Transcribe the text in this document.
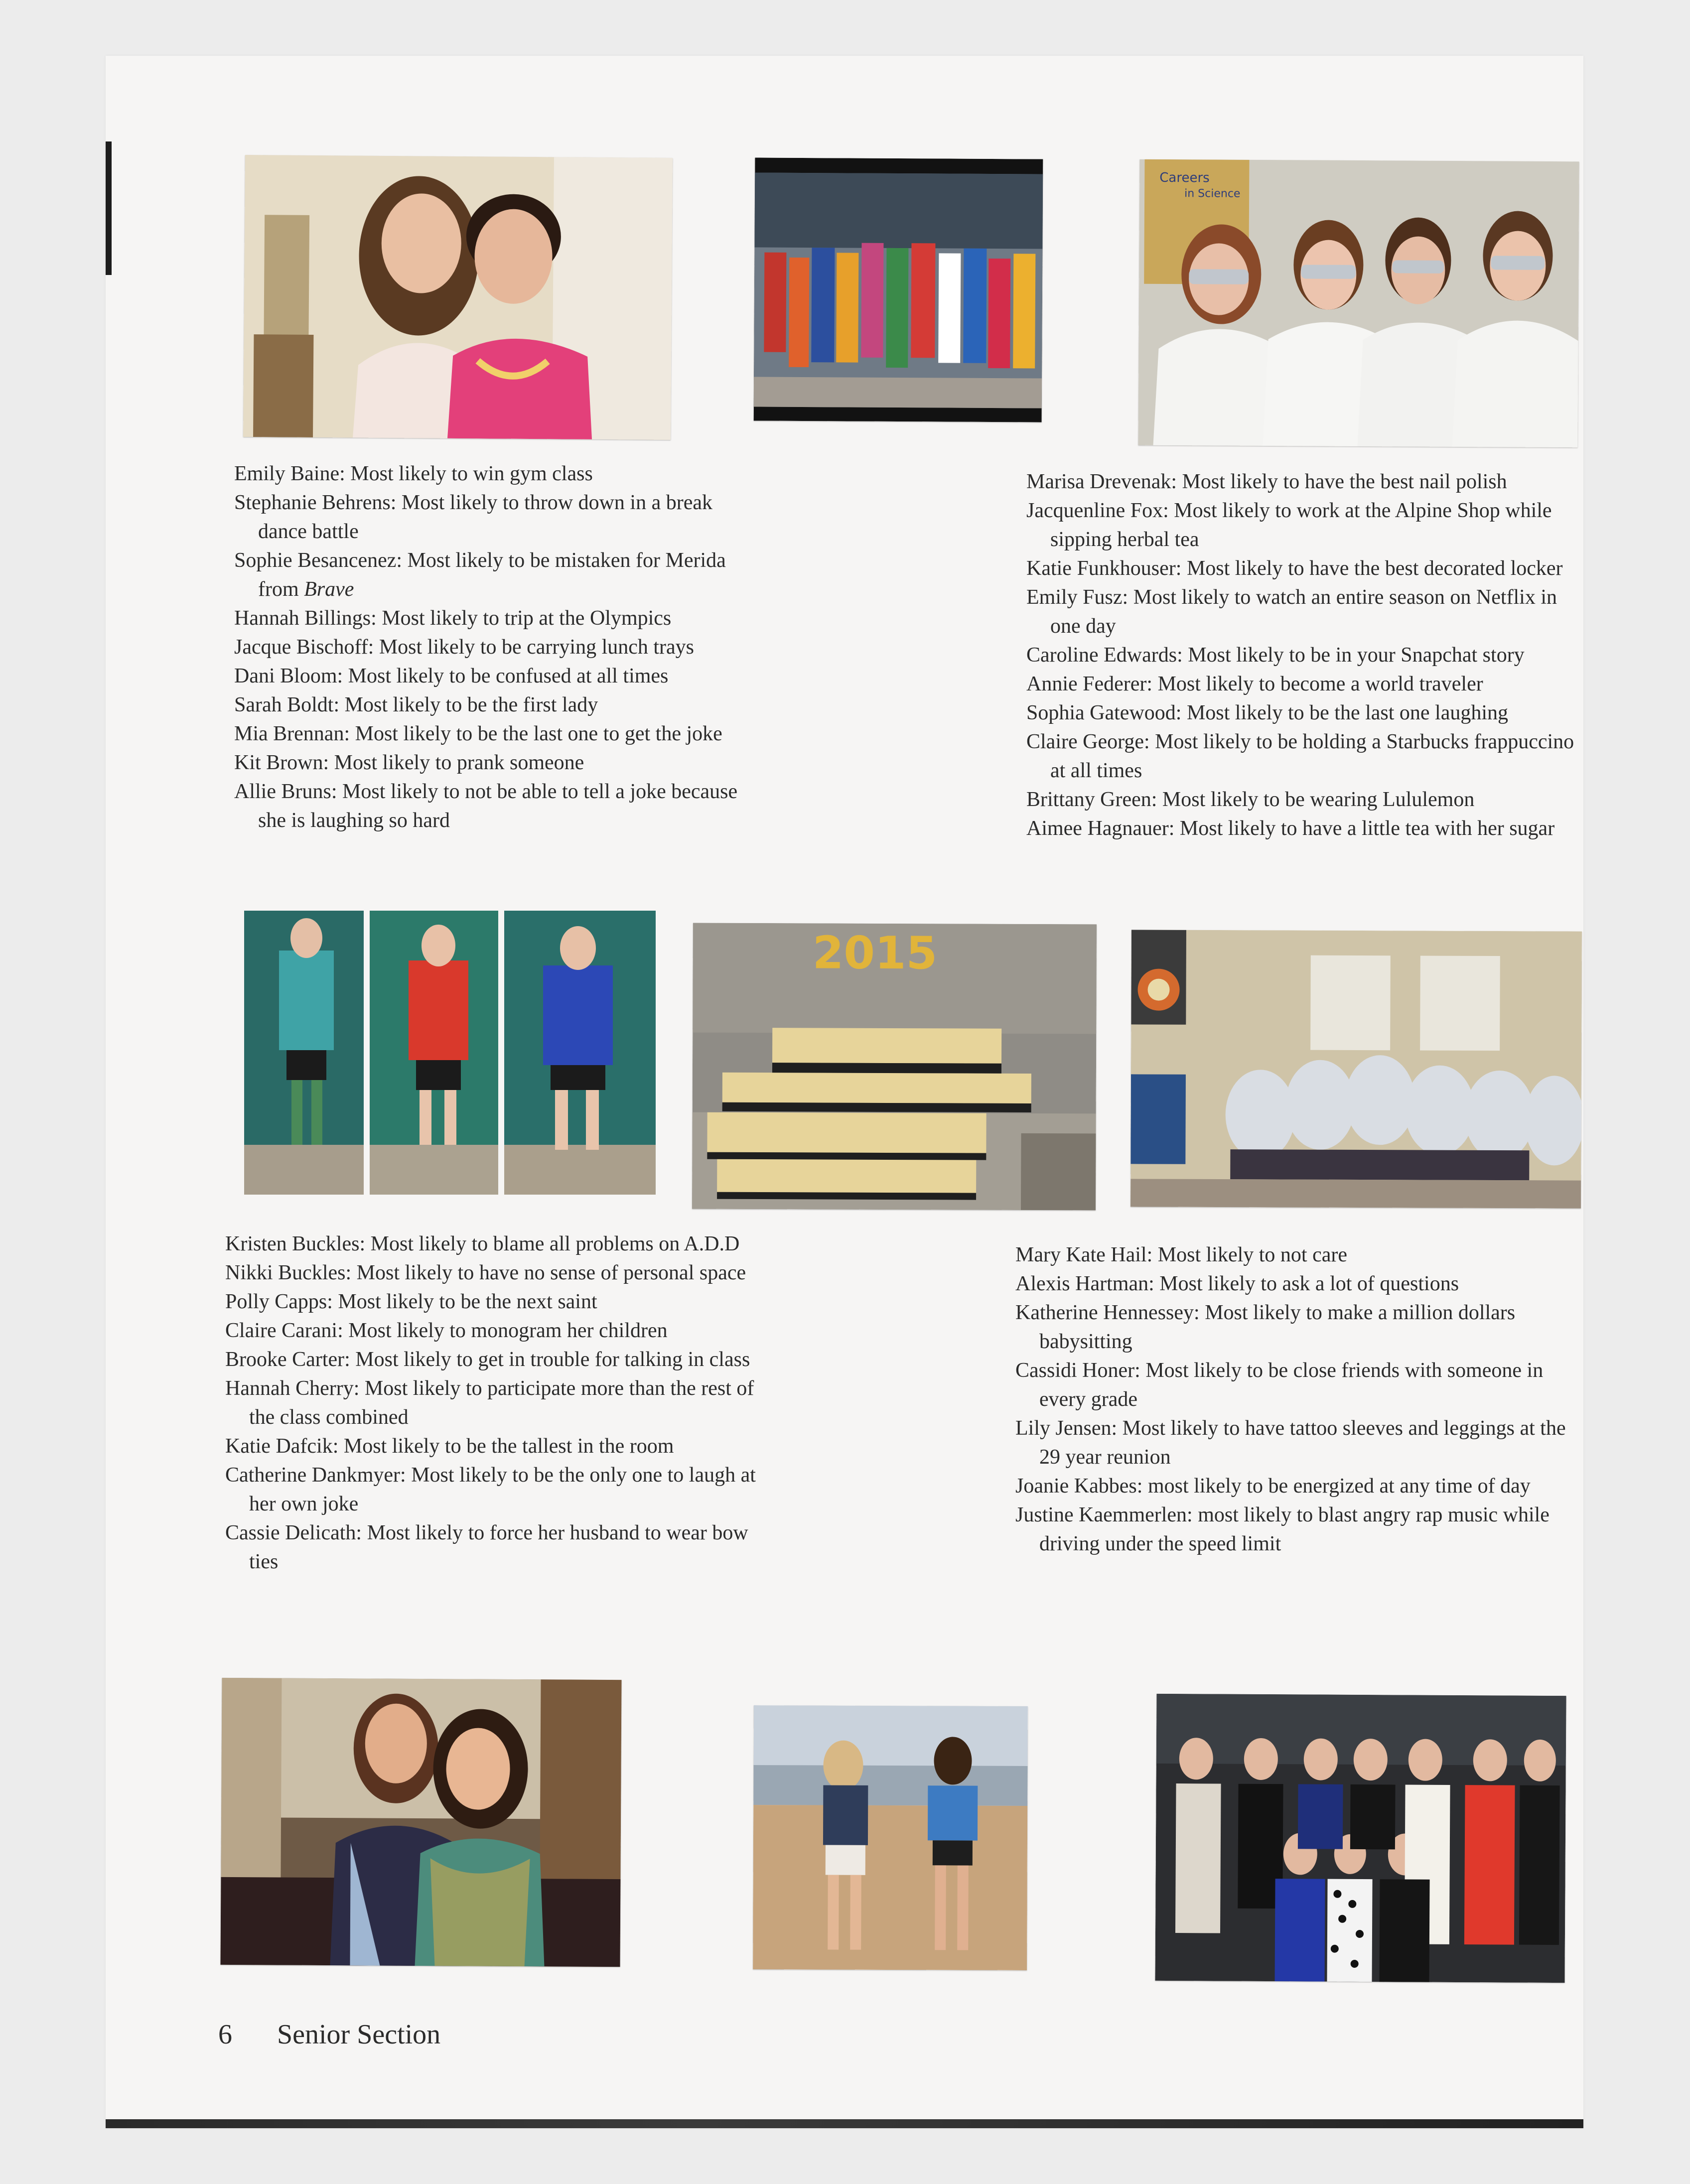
Careers
in Science

Emily Baine: Most likely to win gym class

Stephanie Behrens: Most likely to throw down in a break dance battle

Sophie Besancenez: Most likely to be mistaken for Merida from Brave

Hannah Billings: Most likely to trip at the Olympics

Jacque Bischoff: Most likely to be carrying lunch trays

Dani Bloom: Most likely to be confused at all times

Sarah Boldt: Most likely to be the first lady

Mia Brennan: Most likely to be the last one to get the joke

Kit Brown: Most likely to prank someone

Allie Bruns: Most likely to not be able to tell a joke because she is laughing so hard

Marisa Drevenak: Most likely to have the best nail polish

Jacquenline Fox: Most likely to work at the Alpine Shop while sipping herbal tea

Katie Funkhouser: Most likely to have the best decorated locker

Emily Fusz: Most likely to watch an entire season on Netflix in one day

Caroline Edwards: Most likely to be in your Snapchat story

Annie Federer: Most likely to become a world traveler

Sophia Gatewood: Most likely to be the last one laughing

Claire George: Most likely to be holding a Starbucks frappuccino at all times

Brittany Green: Most likely to be wearing Lululemon

Aimee Hagnauer: Most likely to have a little tea with her sugar

2015

Kristen Buckles: Most likely to blame all problems on A.D.D

Nikki Buckles: Most likely to have no sense of personal space

Polly Capps: Most likely to be the next saint

Claire Carani: Most likely to monogram her children

Brooke Carter: Most likely to get in trouble for talking in class

Hannah Cherry: Most likely to participate more than the rest of the class combined

Katie Dafcik: Most likely to be the tallest in the room

Catherine Dankmyer: Most likely to be the only one to laugh at her own joke

Cassie Delicath: Most likely to force her husband to wear bow ties

Mary Kate Hail: Most likely to not care

Alexis Hartman: Most likely to ask a lot of questions

Katherine Hennessey: Most likely to make a million dollars babysitting

Cassidi Honer: Most likely to be close friends with someone in every grade

Lily Jensen: Most likely to have tattoo sleeves and leggings at the 29 year reunion

Joanie Kabbes: most likely to be energized at any time of day

Justine Kaemmerlen: most likely to blast angry rap music while driving under the speed limit

6 Senior Section
